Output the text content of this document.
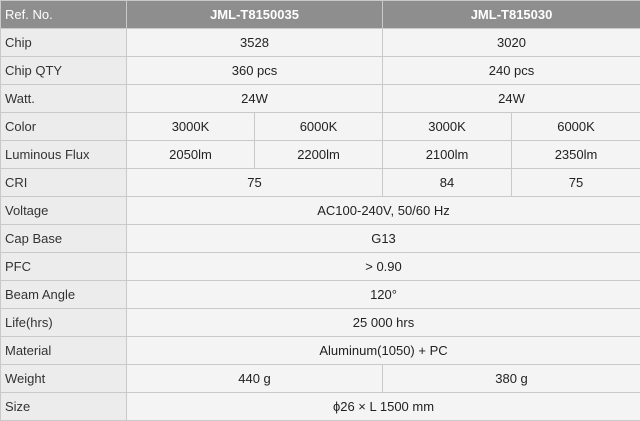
Ref. No.	JML-T8150035		JML-T815030	
Chip	3528		3020	
Chip QTY	360 pcs		240 pcs	
Watt.	24W		24W	
Color	3000K	6000K	3000K	6000K
Luminous Flux	2050lm	2200lm	2100lm	2350lm
CRI	75		84	75
Voltage	AC100-240V, 50/60 Hz			
Cap Base	G13			
PFC	> 0.90			
Beam Angle	120°			
Life(hrs)	25 000 hrs			
Material	Aluminum(1050) + PC			
Weight	440 g		380 g	
Size	ϕ26 × L 1500 mm			
